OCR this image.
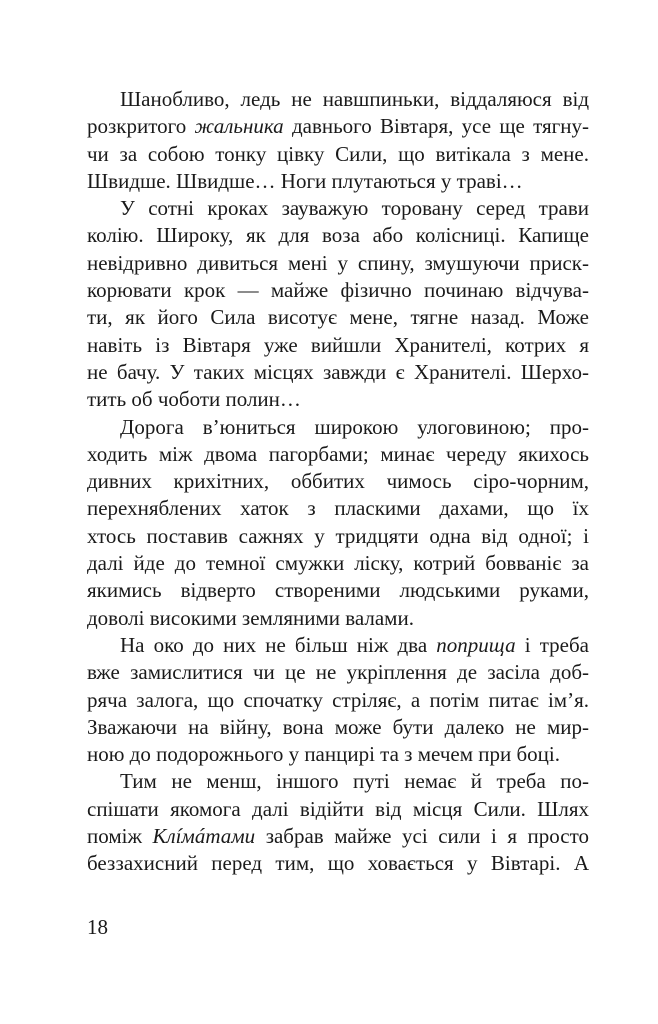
Шанобливо, ледь не навшпиньки, віддаляюся від
розкритого жальника давнього Вівтаря, усе ще тягну-
чи за собою тонку цівку Сили, що витікала з мене.
Швидше. Швидше… Ноги плутаються у траві…
У сотні кроках зауважую торовану серед трави
колію. Широку, як для воза або колісниці. Капище
невідривно дивиться мені у спину, змушуючи приск-
корювати крок — майже фізично починаю відчува-
ти, як його Сила висотує мене, тягне назад. Може
навіть із Вівтаря уже вийшли Хранителі, котрих я
не бачу. У таких місцях завжди є Хранителі. Шерхо-
тить об чоботи полин…
Дорога в’юниться широкою улоговиною; про-
ходить між двома пагорбами; минає череду якихось
дивних крихітних, оббитих чимось сіро-чорним,
перехняблених хаток з пласкими дахами, що їх
хтось поставив сажнях у тридцяти одна від одної; і
далі йде до темної смужки ліску, котрий бовваніє за
якимись відверто створеними людськими руками,
доволі високими земляними валами.
На око до них не більш ніж два поприща і треба
вже замислитися чи це не укріплення де засіла доб-
ряча залога, що спочатку стріляє, а потім питає ім’я.
Зважаючи на війну, вона може бути далеко не мир-
ною до подорожнього у панцирі та з мечем при боці.
Тим не менш, іншого путі немає й треба по-
спішати якомога далі відійти від місця Сили. Шлях
поміж Клíмáтами забрав майже усі сили і я просто
беззахисний перед тим, що ховається у Вівтарі. А
18
